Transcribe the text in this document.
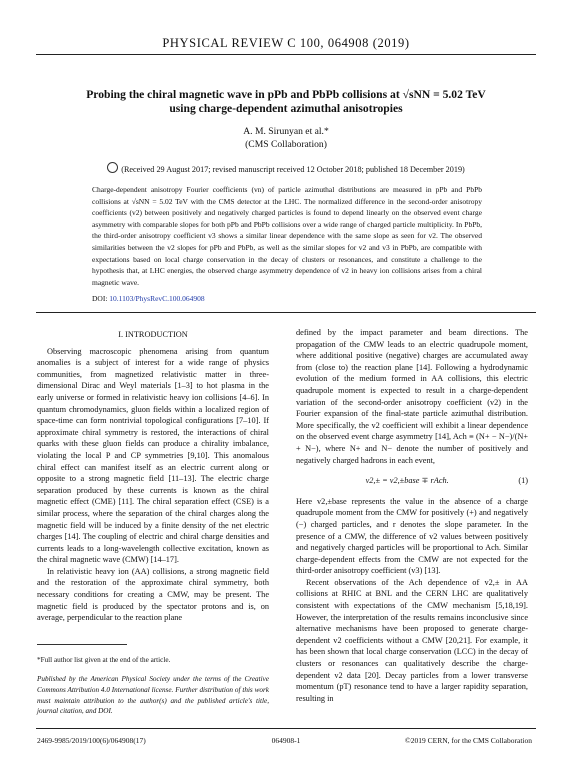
PHYSICAL REVIEW C 100, 064908 (2019)
Probing the chiral magnetic wave in pPb and PbPb collisions at √sNN = 5.02 TeV
using charge-dependent azimuthal anisotropies
A. M. Sirunyan et al.*
(CMS Collaboration)
(Received 29 August 2017; revised manuscript received 12 October 2018; published 18 December 2019)
Charge-dependent anisotropy Fourier coefficients (vn) of particle azimuthal distributions are measured in pPb and PbPb collisions at √sNN = 5.02 TeV with the CMS detector at the LHC. The normalized difference in the second-order anisotropy coefficients (v2) between positively and negatively charged particles is found to depend linearly on the observed event charge asymmetry with comparable slopes for both pPb and PbPb collisions over a wide range of charged particle multiplicity. In PbPb, the third-order anisotropy coefficient v3 shows a similar linear dependence with the same slope as seen for v2. The observed similarities between the v2 slopes for pPb and PbPb, as well as the similar slopes for v2 and v3 in PbPb, are compatible with expectations based on local charge conservation in the decay of clusters or resonances, and constitute a challenge to the hypothesis that, at LHC energies, the observed charge asymmetry dependence of v2 in heavy ion collisions arises from a chiral magnetic wave.
DOI: 10.1103/PhysRevC.100.064908
I. INTRODUCTION

Observing macroscopic phenomena arising from quantum anomalies is a subject of interest for a wide range of physics communities, from magnetized relativistic matter in three-dimensional Dirac and Weyl materials [1–3] to hot plasma in the early universe or formed in relativistic heavy ion collisions [4–6]. In quantum chromodynamics, gluon fields within a localized region of space-time can form nontrivial topological configurations [7–10]. If approximate chiral symmetry is restored, the interactions of chiral quarks with these gluon fields can produce a chirality imbalance, violating the local P and CP symmetries [9,10]. This anomalous chiral effect can manifest itself as an electric current along or opposite to a strong magnetic field [11–13]. The electric charge separation produced by these currents is known as the chiral magnetic effect (CME) [11]. The chiral separation effect (CSE) is a similar process, where the separation of the chiral charges along the magnetic field will be induced by a finite density of the net electric charges [14]. The coupling of electric and chiral charge densities and currents leads to a long-wavelength collective excitation, known as the chiral magnetic wave (CMW) [14–17].

In relativistic heavy ion (AA) collisions, a strong magnetic field and the restoration of the approximate chiral symmetry, both necessary conditions for creating a CMW, may be present. The magnetic field is produced by the spectator protons and is, on average, perpendicular to the reaction plane

defined by the impact parameter and beam directions. The propagation of the CMW leads to an electric quadrupole moment, where additional positive (negative) charges are accumulated away from (close to) the reaction plane [14]. Following a hydrodynamic evolution of the medium formed in AA collisions, this electric quadrupole moment is expected to result in a charge-dependent variation of the second-order anisotropy coefficient (v2) in the Fourier expansion of the final-state particle azimuthal distribution. More specifically, the v2 coefficient will exhibit a linear dependence on the observed event charge asymmetry [14], Ach ≡ (N+ − N−)/(N+ + N−), where N+ and N− denote the number of positively and negatively charged hadrons in each event,

v2,± = v2,±base ∓ rAch.	(1)

Here v2,±base represents the value in the absence of a charge quadrupole moment from the CMW for positively (+) and negatively (−) charged particles, and r denotes the slope parameter. In the presence of a CMW, the difference of v2 values between positively and negatively charged particles will be proportional to Ach. Similar charge-dependent effects from the CMW are not expected for the third-order anisotropy coefficient (v3) [13].

Recent observations of the Ach dependence of v2,± in AA collisions at RHIC at BNL and the CERN LHC are qualitatively consistent with expectations of the CMW mechanism [5,18,19]. However, the interpretation of the results remains inconclusive since alternative mechanisms have been proposed to generate charge-dependent v2 coefficients without a CMW [20,21]. For example, it has been shown that local charge conservation (LCC) in the decay of clusters or resonances can qualitatively describe the charge-dependent v2 data [20]. Decay particles from a lower transverse momentum (pT) resonance tend to have a larger rapidity separation, resulting in

*Full author list given at the end of the article.
Published by the American Physical Society under the terms of the Creative Commons Attribution 4.0 International license. Further distribution of this work must maintain attribution to the author(s) and the published article's title, journal citation, and DOI.
2469-9985/2019/100(6)/064908(17)	064908-1	©2019 CERN, for the CMS Collaboration
